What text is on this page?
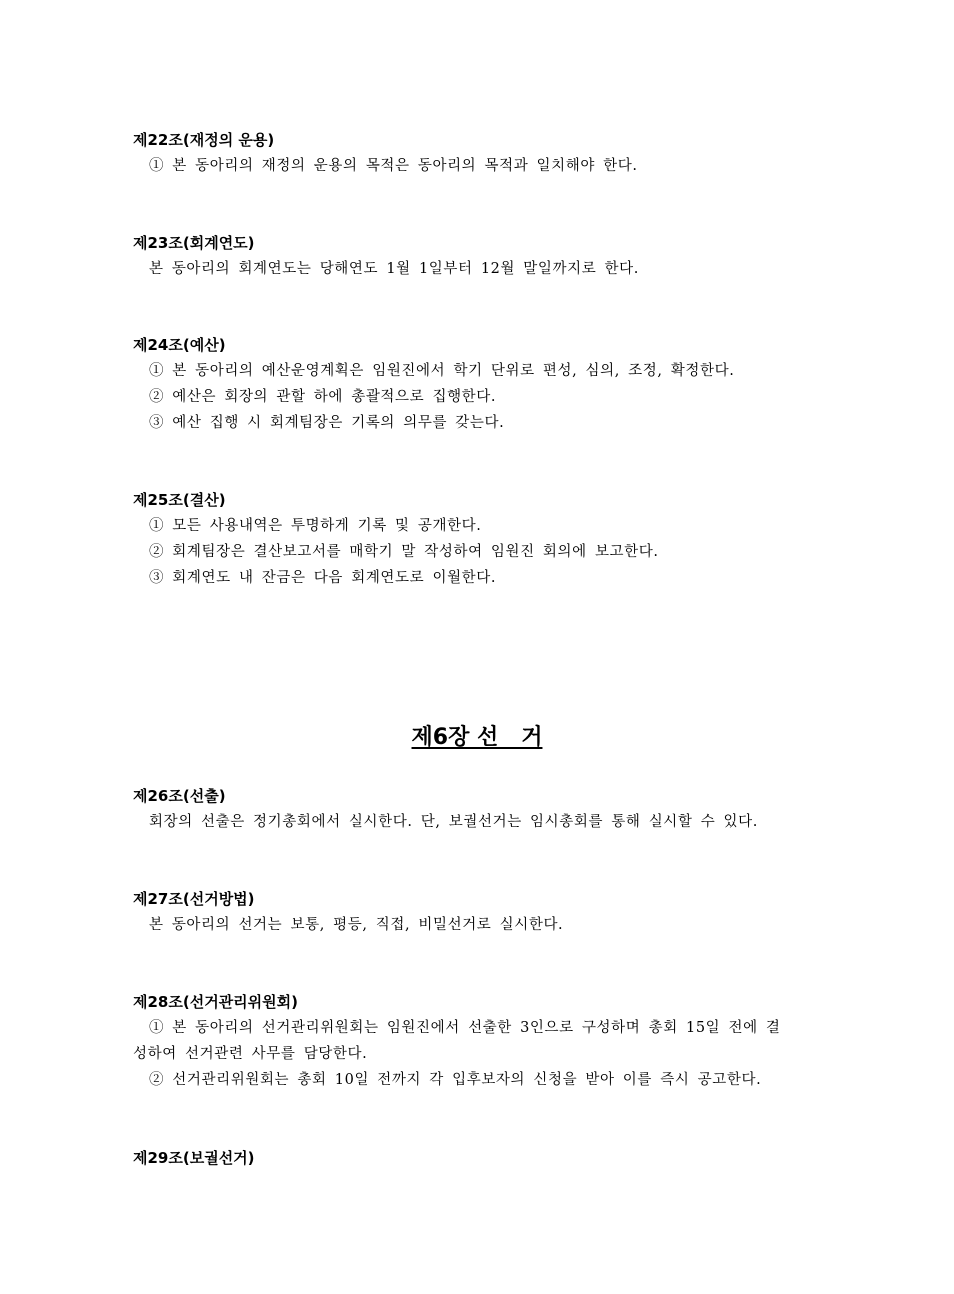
제22조(재정의 운용)
① 본 동아리의 재정의 운용의 목적은 동아리의 목적과 일치해야 한다.
제23조(회계연도)
본 동아리의 회계연도는 당해연도 1월 1일부터 12월 말일까지로 한다.
제24조(예산)
① 본 동아리의 예산운영계획은 임원진에서 학기 단위로 편성, 심의, 조정, 확정한다.
② 예산은 회장의 관할 하에 총괄적으로 집행한다.
③ 예산 집행 시 회계팀장은 기록의 의무를 갖는다.
제25조(결산)
① 모든 사용내역은 투명하게 기록 및 공개한다.
② 회계팀장은 결산보고서를 매학기 말 작성하여 임원진 회의에 보고한다.
③ 회계연도 내 잔금은 다음 회계연도로 이월한다.
제6장 선   거
제26조(선출)
회장의 선출은 정기총회에서 실시한다. 단, 보궐선거는 임시총회를 통해 실시할 수 있다.
제27조(선거방법)
본 동아리의 선거는 보통, 평등, 직접, 비밀선거로 실시한다.
제28조(선거관리위원회)
① 본 동아리의 선거관리위원회는 임원진에서 선출한 3인으로 구성하며 총회 15일 전에 결
성하여 선거관련 사무를 담당한다.
② 선거관리위원회는 총회 10일 전까지 각 입후보자의 신청을 받아 이를 즉시 공고한다.
제29조(보궐선거)
